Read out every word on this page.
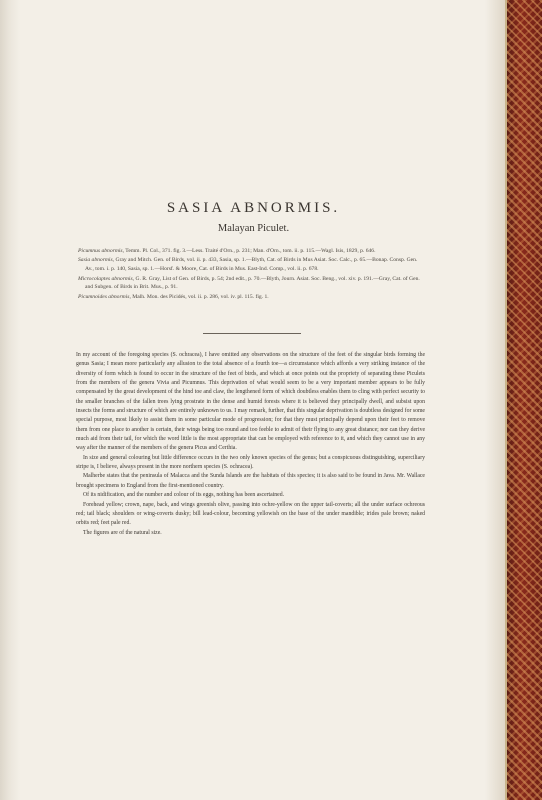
SASIA ABNORMIS.
Malayan Piculet.

Picumnus abnormis, Temm. Pl. Col., 371. fig. 3.—Less. Traité d'Orn., p. 231; Man. d'Orn., tom. ii. p. 115.—Wagl. Isis, 1829, p. 646.

Sasia abnormis, Gray and Mitch. Gen. of Birds, vol. ii. p. 433, Sasia, sp. 1.—Blyth, Cat. of Birds in Mus Asiat. Soc. Calc., p. 65.—Bonap. Consp. Gen. Av., tom. i. p. 140, Sasia, sp. 1.—Horsf. & Moore, Cat. of Birds in Mus. East-Ind. Comp., vol. ii. p. 678.

Microcolaptes abnormis, G. R. Gray, List of Gen. of Birds, p. 54; 2nd edit., p. 70.—Blyth, Journ. Asiat. Soc. Beng., vol. xiv. p. 191.—Gray, Cat. of Gen. and Subgen. of Birds in Brit. Mus., p. 91.

Picumnoides abnormis, Malh. Mon. des Picidés, vol. ii. p. 286, vol. iv. pl. 115. fig. 1.

In my account of the foregoing species (S. ochracea), I have omitted any observations on the structure of the feet of the singular birds forming the genus Sasia; I mean more particularly any allusion to the total absence of a fourth toe—a circumstance which affords a very striking instance of the diversity of form which is found to occur in the structure of the feet of birds, and which at once points out the propriety of separating these Piculets from the members of the genera Vivia and Picumnus. This deprivation of what would seem to be a very important member appears to be fully compensated by the great development of the hind toe and claw, the lengthened form of which doubtless enables them to cling with perfect security to the smaller branches of the fallen trees lying prostrate in the dense and humid forests where it is believed they principally dwell, and subsist upon insects the forms and structure of which are entirely unknown to us. I may remark, further, that this singular deprivation is doubtless designed for some special purpose, most likely to assist them in some particular mode of progression; for that they must principally depend upon their feet to remove them from one place to another is certain, their wings being too round and too feeble to admit of their flying to any great distance; nor can they derive much aid from their tail, for which the word little is the most appropriate that can be employed with reference to it, and which they cannot use in any way after the manner of the members of the genera Picus and Certhia.

In size and general colouring but little difference occurs in the two only known species of the genus; but a conspicuous distinguishing, superciliary stripe is, I believe, always present in the more northern species (S. ochracea).

Malherbe states that the peninsula of Malacca and the Sunda Islands are the habitats of this species; it is also said to be found in Java. Mr. Wallace brought specimens to England from the first-mentioned country.

Of its nidification, and the number and colour of its eggs, nothing has been ascertained.

Forehead yellow; crown, nape, back, and wings greenish olive, passing into ochre-yellow on the upper tail-coverts; all the under surface ochreous red; tail black; shoulders or wing-coverts dusky; bill lead-colour, becoming yellowish on the base of the under mandible; irides pale brown; naked orbits red; feet pale red.

The figures are of the natural size.
